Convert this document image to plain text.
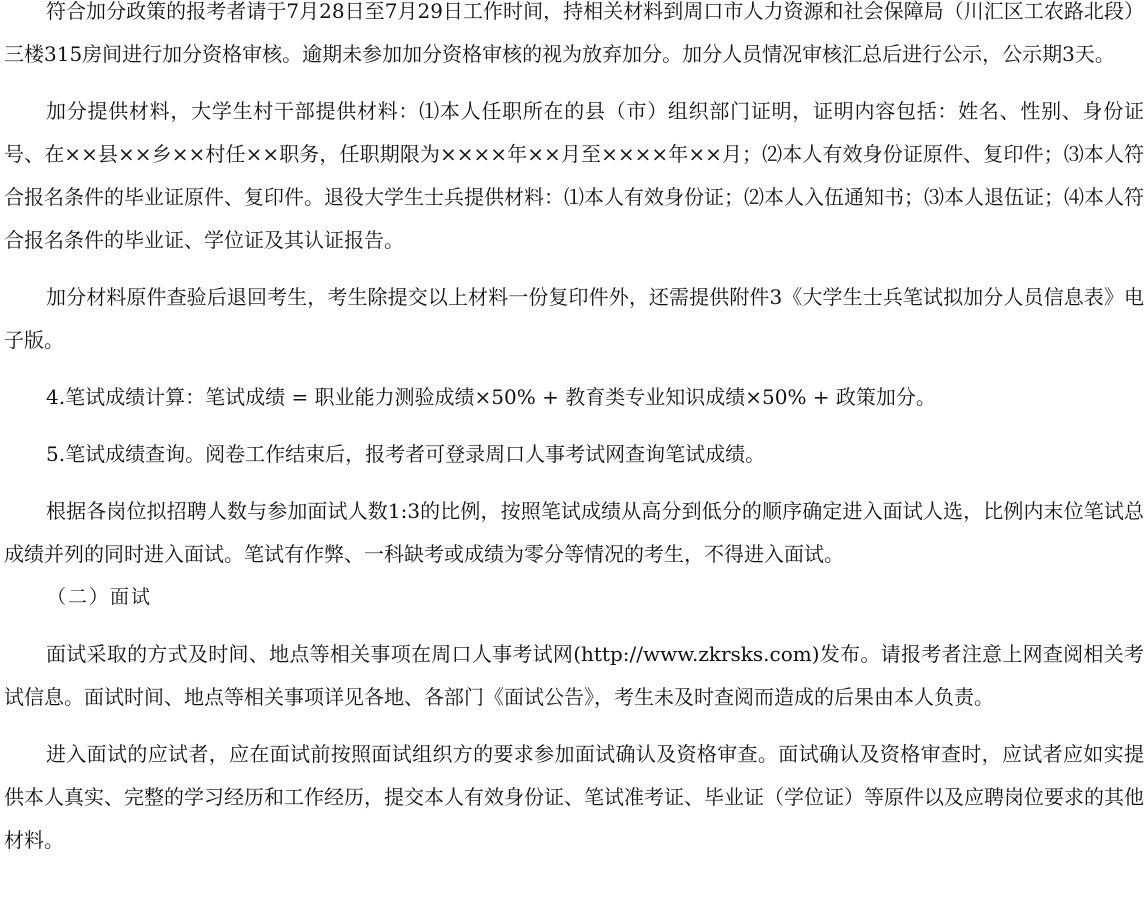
符合加分政策的报考者请于7月28日至7月29日工作时间，持相关材料到周口市人力资源和社会保障局（川汇区工农路北段）三楼315房间进行加分资格审核。逾期未参加加分资格审核的视为放弃加分。加分人员情况审核汇总后进行公示，公示期3天。

加分提供材料，大学生村干部提供材料：⑴本人任职所在的县（市）组织部门证明，证明内容包括：姓名、性别、身份证号、在××县××乡××村任××职务，任职期限为××××年××月至××××年××月；⑵本人有效身份证原件、复印件；⑶本人符合报名条件的毕业证原件、复印件。退役大学生士兵提供材料：⑴本人有效身份证；⑵本人入伍通知书；⑶本人退伍证；⑷本人符合报名条件的毕业证、学位证及其认证报告。

加分材料原件查验后退回考生，考生除提交以上材料一份复印件外，还需提供附件3《大学生士兵笔试拟加分人员信息表》电子版。

4.笔试成绩计算：笔试成绩 = 职业能力测验成绩×50% + 教育类专业知识成绩×50% + 政策加分。

5.笔试成绩查询。阅卷工作结束后，报考者可登录周口人事考试网查询笔试成绩。

根据各岗位拟招聘人数与参加面试人数1:3的比例，按照笔试成绩从高分到低分的顺序确定进入面试人选，比例内末位笔试总成绩并列的同时进入面试。笔试有作弊、一科缺考或成绩为零分等情况的考生，不得进入面试。

（二）面试

面试采取的方式及时间、地点等相关事项在周口人事考试网(http://www.zkrsks.com)发布。请报考者注意上网查阅相关考试信息。面试时间、地点等相关事项详见各地、各部门《面试公告》，考生未及时查阅而造成的后果由本人负责。

进入面试的应试者，应在面试前按照面试组织方的要求参加面试确认及资格审查。面试确认及资格审查时，应试者应如实提供本人真实、完整的学习经历和工作经历，提交本人有效身份证、笔试准考证、毕业证（学位证）等原件以及应聘岗位要求的其他材料。
